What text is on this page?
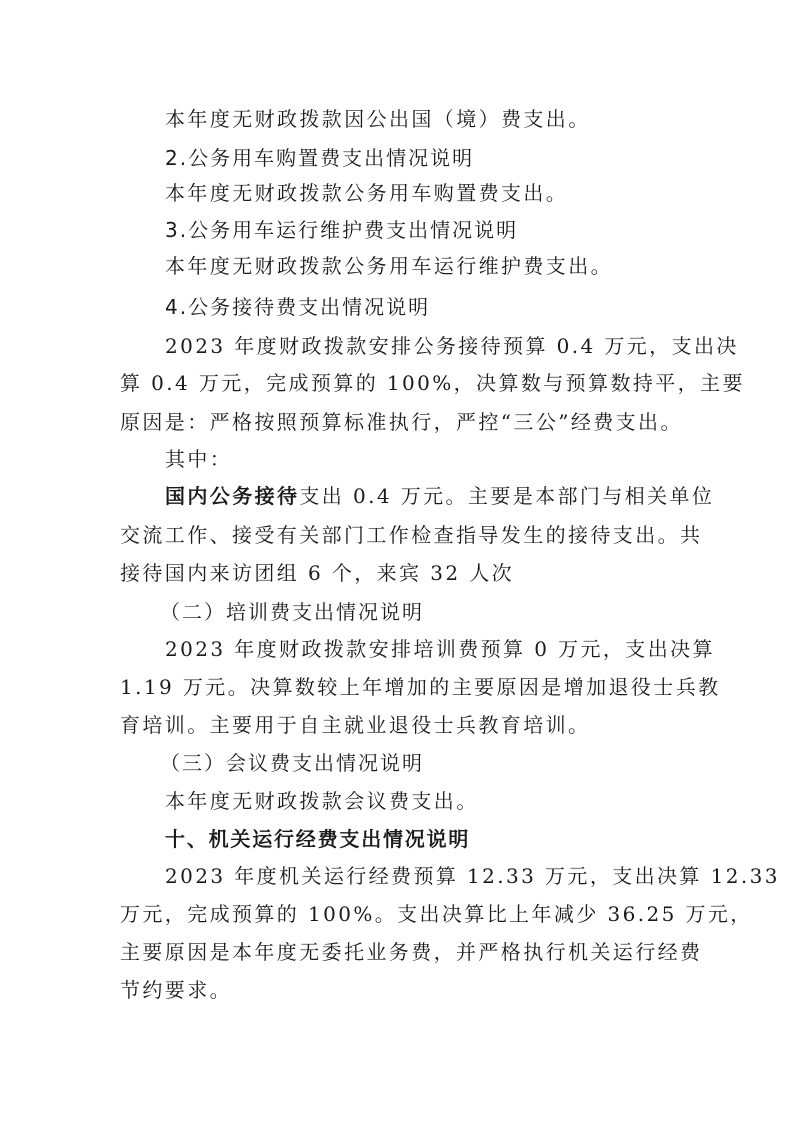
本年度无财政拨款因公出国（境）费支出。
2.公务用车购置费支出情况说明
本年度无财政拨款公务用车购置费支出。
3.公务用车运行维护费支出情况说明
本年度无财政拨款公务用车运行维护费支出。
4.公务接待费支出情况说明
2023 年度财政拨款安排公务接待预算 0.4 万元，支出决
算 0.4 万元，完成预算的 100%，决算数与预算数持平，主要
原因是：严格按照预算标准执行，严控“三公”经费支出。
其中：
国内公务接待支出 0.4 万元。主要是本部门与相关单位
交流工作、接受有关部门工作检查指导发生的接待支出。共
接待国内来访团组 6 个，来宾 32 人次
（二）培训费支出情况说明
2023 年度财政拨款安排培训费预算 0 万元，支出决算
1.19 万元。决算数较上年增加的主要原因是增加退役士兵教
育培训。主要用于自主就业退役士兵教育培训。
（三）会议费支出情况说明
本年度无财政拨款会议费支出。
十、机关运行经费支出情况说明
2023 年度机关运行经费预算 12.33 万元，支出决算 12.33
万元，完成预算的 100%。支出决算比上年减少 36.25 万元，
主要原因是本年度无委托业务费，并严格执行机关运行经费
节约要求。
